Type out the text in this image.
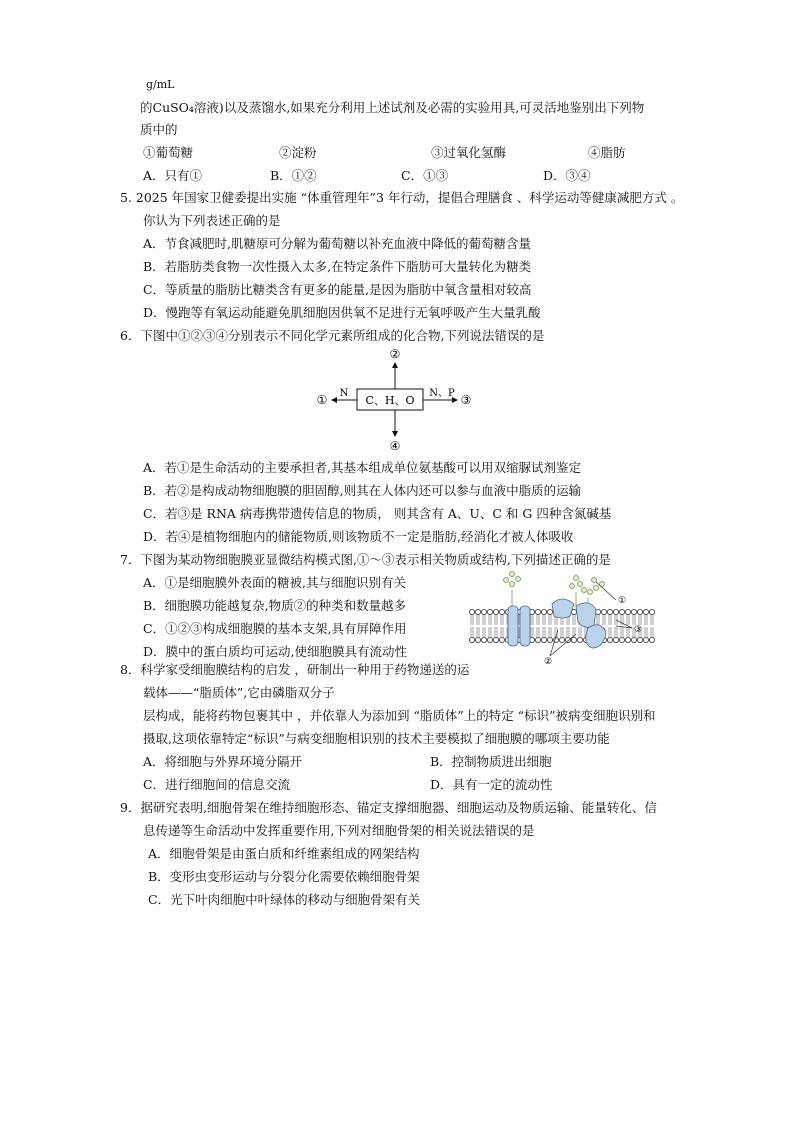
g/mL
的CuSO₄溶液)以及蒸馏水,如果充分利用上述试剂及必需的实验用具,可灵活地鉴别出下列物
质中的
①葡萄糖	②淀粉	③过氧化氢酶	④脂肪
A．只有①	B．①②	C．①③	D．③④
5. 2025 年国家卫健委提出实施 “体重管理年”3 年行动，提倡合理膳食 、科学运动等健康减肥方式 。
你认为下列表述正确的是
A．节食减肥时,肌糖原可分解为葡萄糖以补充血液中降低的葡萄糖含量
B．若脂肪类食物一次性摄入太多,在特定条件下脂肪可大量转化为糖类
C．等质量的脂肪比糖类含有更多的能量,是因为脂肪中氧含量相对较高
D．慢跑等有氧运动能避免肌细胞因供氧不足进行无氧呼吸产生大量乳酸
6．下图中①②③④分别表示不同化学元素所组成的化合物,下列说法错误的是
C、H、O
②
④
① N	③
N、P
A．若①是生命活动的主要承担者,其基本组成单位氨基酸可以用双缩脲试剂鉴定
B．若②是构成动物细胞膜的胆固醇,则其在人体内还可以参与血液中脂质的运输
C．若③是 RNA 病毒携带遗传信息的物质， 则其含有 A、U、C 和 G 四种含氮碱基
D．若④是植物细胞内的储能物质,则该物质不一定是脂肪,经消化才被人体吸收
7．下图为某动物细胞膜亚显微结构模式图,①～③表示相关物质或结构,下列描述正确的是
A．①是细胞膜外表面的糖被,其与细胞识别有关
B．细胞膜功能越复杂,物质②的种类和数量越多
C．①②③构成细胞膜的基本支架,具有屏障作用
D．膜中的蛋白质均可运动,使细胞膜具有流动性
①
③
②
8．科学家受细胞膜结构的启发 ，研制出一种用于药物递送的运
载体——“脂质体”,它由磷脂双分子
层构成，能将药物包裹其中 ，并依靠人为添加到 “脂质体”上的特定 “标识”被病变细胞识别和
摄取,这项依靠特定“标识”与病变细胞相识别的技术主要模拟了细胞膜的哪项主要功能
A．将细胞与外界环境分隔开	B．控制物质进出细胞
C．进行细胞间的信息交流	D．具有一定的流动性
9．据研究表明,细胞骨架在维持细胞形态、锚定支撑细胞器、细胞运动及物质运输、能量转化、信
息传递等生命活动中发挥重要作用,下列对细胞骨架的相关说法错误的是
A．细胞骨架是由蛋白质和纤维素组成的网架结构
B．变形虫变形运动与分裂分化需要依赖细胞骨架
C．光下叶肉细胞中叶绿体的移动与细胞骨架有关
